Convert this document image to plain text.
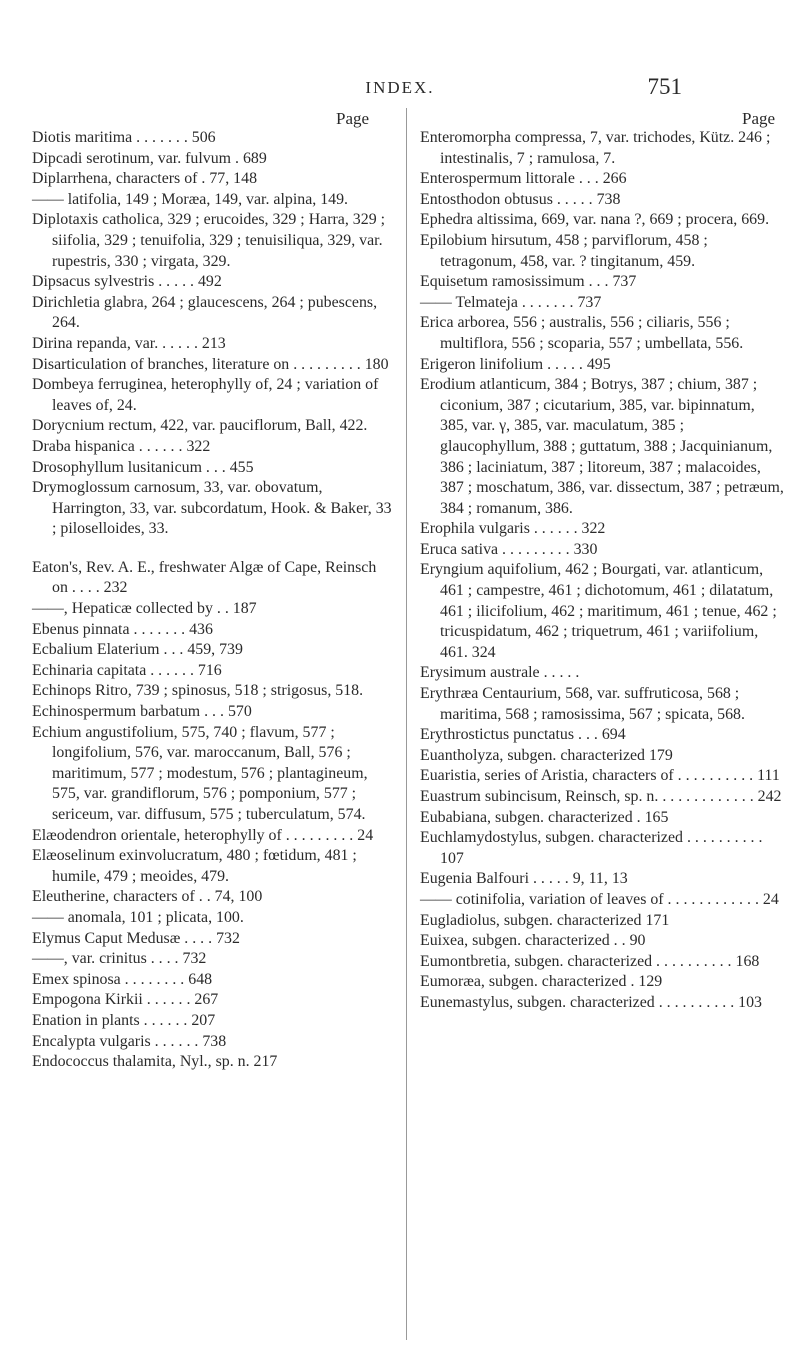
INDEX.	751
Page	Page

Diotis maritima . . . . . . . 506

Dipcadi serotinum, var. fulvum . 689

Diplarrhena, characters of . 77, 148

—— latifolia, 149 ; Moræa, 149, var. alpina, 149.

Diplotaxis catholica, 329 ; erucoides, 329 ; Harra, 329 ; siifolia, 329 ; tenuifolia, 329 ; tenuisiliqua, 329, var. rupestris, 330 ; virgata, 329.

Dipsacus sylvestris . . . . . 492

Dirichletia glabra, 264 ; glaucescens, 264 ; pubescens, 264.

Dirina repanda, var. . . . . . 213

Disarticulation of branches, literature on . . . . . . . . . 180

Dombeya ferruginea, heterophylly of, 24 ; variation of leaves of, 24.

Dorycnium rectum, 422, var. pauciflorum, Ball, 422.

Draba hispanica . . . . . . 322

Drosophyllum lusitanicum . . . 455

Drymoglossum carnosum, 33, var. obovatum, Harrington, 33, var. subcordatum, Hook. & Baker, 33 ; piloselloides, 33.

Eaton's, Rev. A. E., freshwater Algæ of Cape, Reinsch on . . . . 232

——, Hepaticæ collected by . . 187

Ebenus pinnata . . . . . . . 436

Ecbalium Elaterium . . . 459, 739

Echinaria capitata . . . . . . 716

Echinops Ritro, 739 ; spinosus, 518 ; strigosus, 518.

Echinospermum barbatum . . . 570

Echium angustifolium, 575, 740 ; flavum, 577 ; longifolium, 576, var. maroccanum, Ball, 576 ; maritimum, 577 ; modestum, 576 ; plantagineum, 575, var. grandiflorum, 576 ; pomponium, 577 ; sericeum, var. diffusum, 575 ; tuberculatum, 574.

Elæodendron orientale, heterophylly of . . . . . . . . . 24

Elæoselinum exinvolucratum, 480 ; fœtidum, 481 ; humile, 479 ; meoides, 479.

Eleutherine, characters of . . 74, 100

—— anomala, 101 ; plicata, 100.

Elymus Caput Medusæ . . . . 732

——, var. crinitus . . . . 732

Emex spinosa . . . . . . . . 648

Empogona Kirkii . . . . . . 267

Enation in plants . . . . . . 207

Encalypta vulgaris . . . . . . 738

Endococcus thalamita, Nyl., sp. n. 217

Enteromorpha compressa, 7, var. trichodes, Kütz. 246 ; intestinalis, 7 ; ramulosa, 7.

Enterospermum littorale . . . 266

Entosthodon obtusus . . . . . 738

Ephedra altissima, 669, var. nana ?, 669 ; procera, 669.

Epilobium hirsutum, 458 ; parviflorum, 458 ; tetragonum, 458, var. ? tingitanum, 459.

Equisetum ramosissimum . . . 737

—— Telmateja . . . . . . . 737

Erica arborea, 556 ; australis, 556 ; ciliaris, 556 ; multiflora, 556 ; scoparia, 557 ; umbellata, 556.

Erigeron linifolium . . . . . 495

Erodium atlanticum, 384 ; Botrys, 387 ; chium, 387 ; ciconium, 387 ; cicutarium, 385, var. bipinnatum, 385, var. γ, 385, var. maculatum, 385 ; glaucophyllum, 388 ; guttatum, 388 ; Jacquinianum, 386 ; laciniatum, 387 ; litoreum, 387 ; malacoides, 387 ; moschatum, 386, var. dissectum, 387 ; petræum, 384 ; romanum, 386.

Erophila vulgaris . . . . . . 322

Eruca sativa . . . . . . . . . 330

Eryngium aquifolium, 462 ; Bourgati, var. atlanticum, 461 ; campestre, 461 ; dichotomum, 461 ; dilatatum, 461 ; ilicifolium, 462 ; maritimum, 461 ; tenue, 462 ; tricuspidatum, 462 ; triquetrum, 461 ; variifolium, 461. 324

Erysimum australe . . . . .

Erythræa Centaurium, 568, var. suffruticosa, 568 ; maritima, 568 ; ramosissima, 567 ; spicata, 568.

Erythrostictus punctatus . . . 694

Euantholyza, subgen. characterized 179

Euaristia, series of Aristia, characters of . . . . . . . . . . 111

Euastrum subincisum, Reinsch, sp. n. . . . . . . . . . . . . 242

Eubabiana, subgen. characterized . 165

Euchlamydostylus, subgen. characterized . . . . . . . . . . 107

Eugenia Balfouri . . . . . 9, 11, 13

—— cotinifolia, variation of leaves of . . . . . . . . . . . . 24

Eugladiolus, subgen. characterized 171

Euixea, subgen. characterized . . 90

Eumontbretia, subgen. characterized . . . . . . . . . . 168

Eumoræa, subgen. characterized . 129

Eunemastylus, subgen. characterized . . . . . . . . . . 103
